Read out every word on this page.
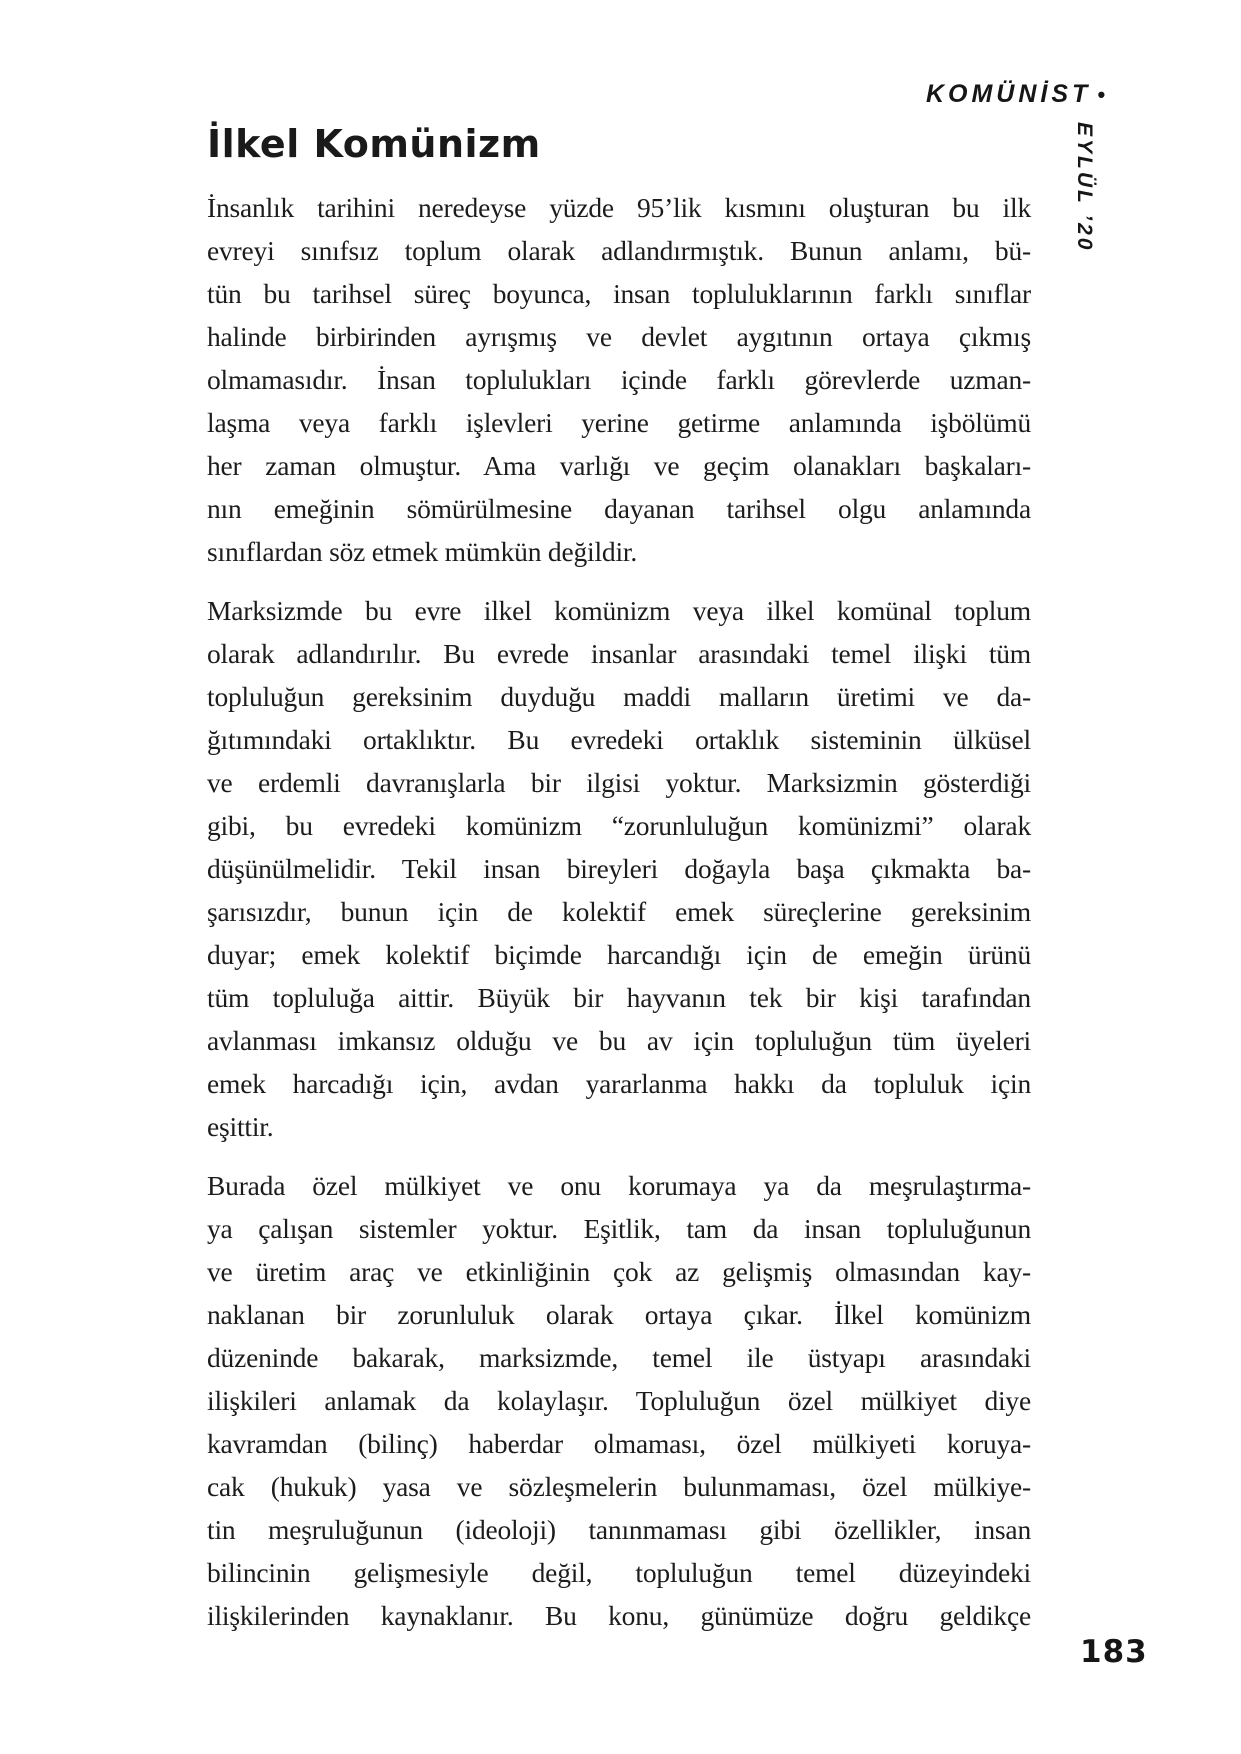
KOMÜNİST •
EYLÜL ’20
İlkel Komünizm
İnsanlık tarihini neredeyse yüzde 95’lik kısmını oluşturan bu ilk
evreyi sınıfsız toplum olarak adlandırmıştık. Bunun anlamı, bü-
tün bu tarihsel süreç boyunca, insan topluluklarının farklı sınıflar
halinde birbirinden ayrışmış ve devlet aygıtının ortaya çıkmış
olmamasıdır. İnsan toplulukları içinde farklı görevlerde uzman-
laşma veya farklı işlevleri yerine getirme anlamında işbölümü
her zaman olmuştur. Ama varlığı ve geçim olanakları başkaları-
nın emeğinin sömürülmesine dayanan tarihsel olgu anlamında
sınıflardan söz etmek mümkün değildir.
Marksizmde bu evre ilkel komünizm veya ilkel komünal toplum
olarak adlandırılır. Bu evrede insanlar arasındaki temel ilişki tüm
topluluğun gereksinim duyduğu maddi malların üretimi ve da-
ğıtımındaki ortaklıktır. Bu evredeki ortaklık sisteminin ülküsel
ve erdemli davranışlarla bir ilgisi yoktur. Marksizmin gösterdiği
gibi, bu evredeki komünizm “zorunluluğun komünizmi” olarak
düşünülmelidir. Tekil insan bireyleri doğayla başa çıkmakta ba-
şarısızdır, bunun için de kolektif emek süreçlerine gereksinim
duyar; emek kolektif biçimde harcandığı için de emeğin ürünü
tüm topluluğa aittir. Büyük bir hayvanın tek bir kişi tarafından
avlanması imkansız olduğu ve bu av için topluluğun tüm üyeleri
emek harcadığı için, avdan yararlanma hakkı da topluluk için
eşittir.
Burada özel mülkiyet ve onu korumaya ya da meşrulaştırma-
ya çalışan sistemler yoktur. Eşitlik, tam da insan topluluğunun
ve üretim araç ve etkinliğinin çok az gelişmiş olmasından kay-
naklanan bir zorunluluk olarak ortaya çıkar. İlkel komünizm
düzeninde bakarak, marksizmde, temel ile üstyapı arasındaki
ilişkileri anlamak da kolaylaşır. Topluluğun özel mülkiyet diye
kavramdan (bilinç) haberdar olmaması, özel mülkiyeti koruya-
cak (hukuk) yasa ve sözleşmelerin bulunmaması, özel mülkiye-
tin meşruluğunun (ideoloji) tanınmaması gibi özellikler, insan
bilincinin gelişmesiyle değil, topluluğun temel düzeyindeki
ilişkilerinden kaynaklanır. Bu konu, günümüze doğru geldikçe
183
